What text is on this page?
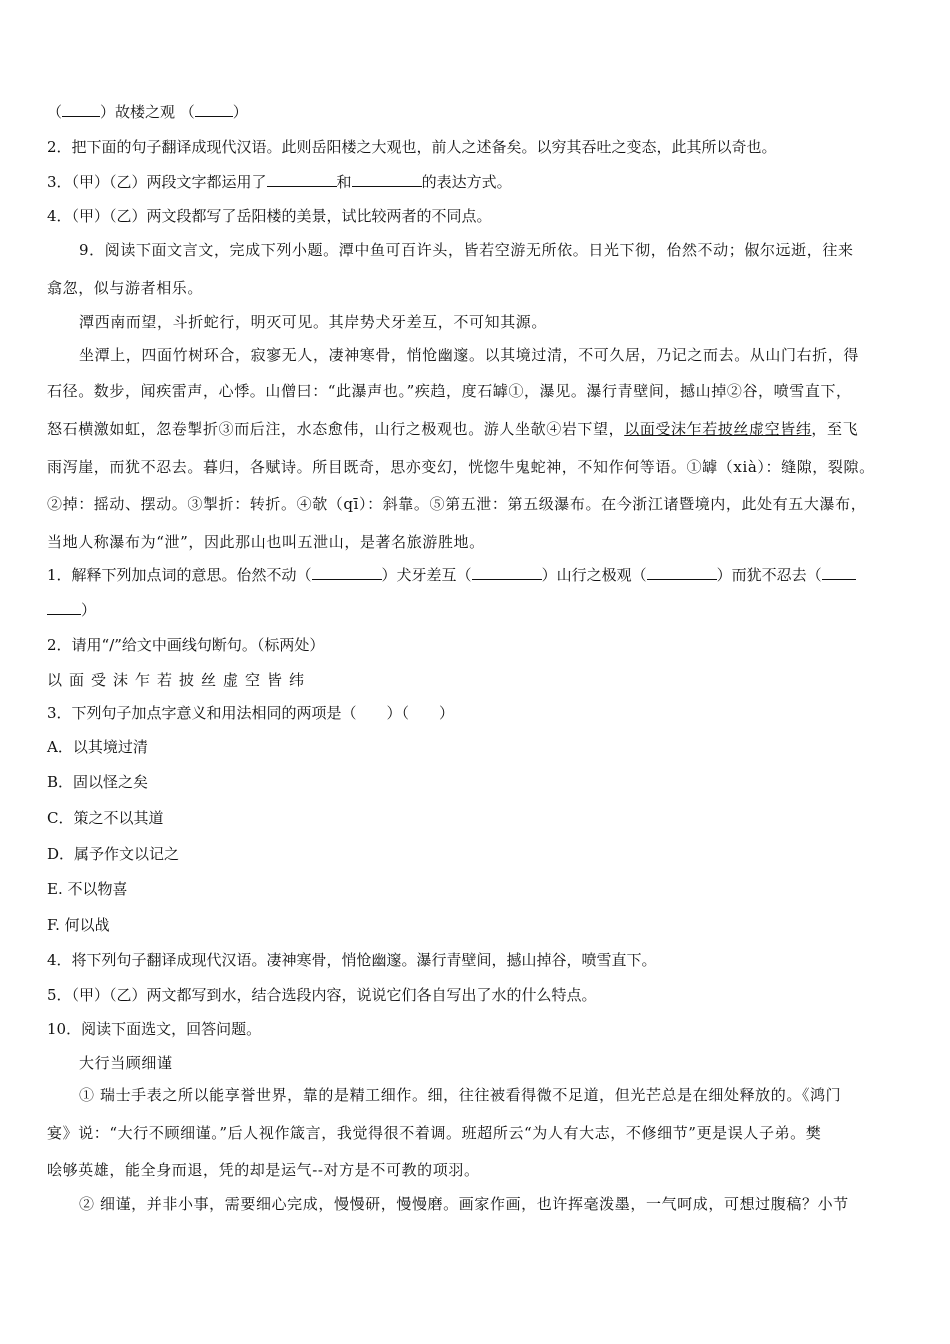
（	）故楼之观 （	）
2．把下面的句子翻译成现代汉语。此则岳阳楼之大观也，前人之述备矣。以穷其吞吐之变态，此其所以奇也。
3．（甲）（乙）两段文字都运用了	和	的表达方式。
4．（甲）（乙）两文段都写了岳阳楼的美景，试比较两者的不同点。
9．阅读下面文言文，完成下列小题。潭中鱼可百许头，皆若空游无所依。日光下彻，佁然不动；俶尔远逝，往来
翕忽，似与游者相乐。
潭西南而望，斗折蛇行，明灭可见。其岸势犬牙差互，不可知其源。
坐潭上，四面竹树环合，寂寥无人，凄神寒骨，悄怆幽邃。以其境过清，不可久居，乃记之而去。从山门右折，得
石径。数步，闻疾雷声，心悸。山僧曰：“此瀑声也。”疾趋，度石罅①，瀑见。瀑行青壁间，撼山掉②谷，喷雪直下，
怒石横激如虹，忽卷掣折③而后注，水态愈伟，山行之极观也。游人坐欹④岩下望，以面受沫乍若披丝虚空皆纬，至飞
雨泻崖，而犹不忍去。暮归，各赋诗。所目既奇，思亦变幻，恍惚牛鬼蛇神，不知作何等语。①罅（xià）：缝隙，裂隙。
②掉：摇动、摆动。③掣折：转折。④欹（qī）：斜靠。⑤第五泄：第五级瀑布。在今浙江诸暨境内，此处有五大瀑布，
当地人称瀑布为“泄”，因此那山也叫五泄山，是著名旅游胜地。
1．解释下列加点词的意思。佁然不动（	）犬牙差互（	）山行之极观（	）而犹不忍去（
）
2．请用“/”给文中画线句断句。（标两处）
以面受沫乍若披丝虚空皆纬
3．下列句子加点字意义和用法相同的两项是（　　）（　　）
A．以其境过清
B．固以怪之矣
C．策之不以其道
D．属予作文以记之
E. 不以物喜
F. 何以战
4．将下列句子翻译成现代汉语。凄神寒骨，悄怆幽邃。瀑行青壁间，撼山掉谷，喷雪直下。
5．（甲）（乙）两文都写到水，结合选段内容，说说它们各自写出了水的什么特点。
10．阅读下面选文，回答问题。
大行当顾细谨
① 瑞士手表之所以能享誉世界，靠的是精工细作。细，往往被看得微不足道，但光芒总是在细处释放的。《鸿门
宴》说：“大行不顾细谨。”后人视作箴言，我觉得很不着调。班超所云“为人有大志，不修细节”更是误人子弟。樊
哙够英雄，能全身而退，凭的却是运气--对方是不可教的项羽。
② 细谨，并非小事，需要细心完成，慢慢研，慢慢磨。画家作画，也许挥毫泼墨，一气呵成，可想过腹稿？小节
